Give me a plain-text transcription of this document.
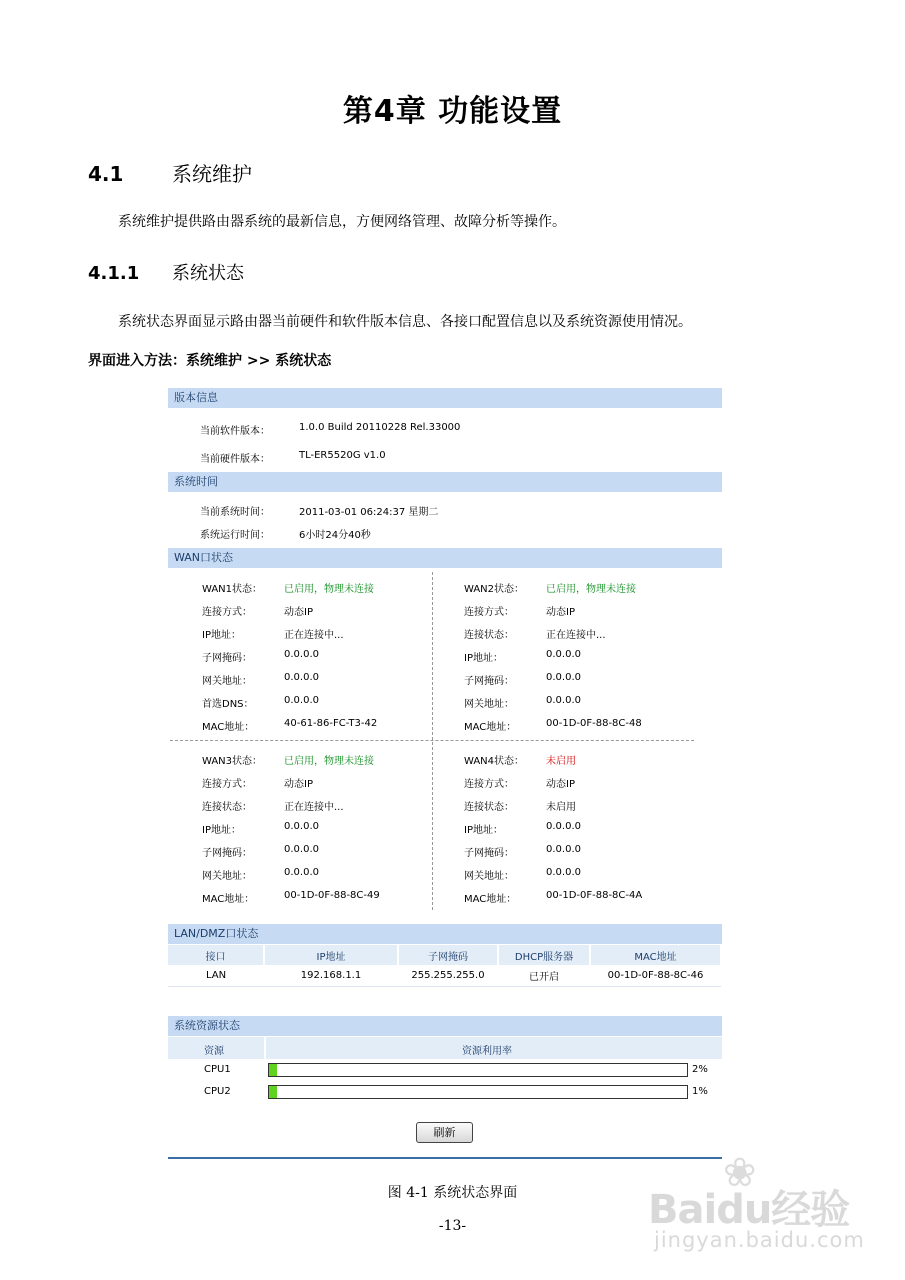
第4章 功能设置
4.1 系统维护
系统维护提供路由器系统的最新信息，方便网络管理、故障分析等操作。
4.1.1 系统状态
系统状态界面显示路由器当前硬件和软件版本信息、各接口配置信息以及系统资源使用情况。
界面进入方法：系统维护 >> 系统状态
版本信息
当前软件版本：	1.0.0 Build 20110228 Rel.33000
当前硬件版本：	TL-ER5520G v1.0
系统时间
当前系统时间：	2011-03-01 06:24:37 星期二
系统运行时间：	6小时24分40秒
WAN口状态
WAN1状态： 已启用，物理未连接
连接方式：	动态IP
IP地址：	正在连接中...
子网掩码：	0.0.0.0
网关地址：	0.0.0.0
首选DNS：	0.0.0.0
MAC地址：	40-61-86-FC-T3-42
WAN2状态： 已启用，物理未连接
连接方式：	动态IP
连接状态：	正在连接中...
IP地址：	0.0.0.0
子网掩码：	0.0.0.0
网关地址：	0.0.0.0
MAC地址：	00-1D-0F-88-8C-48
WAN3状态： 已启用，物理未连接
连接方式：	动态IP
连接状态：	正在连接中...
IP地址：	0.0.0.0
子网掩码：	0.0.0.0
网关地址：	0.0.0.0
MAC地址：	00-1D-0F-88-8C-49
WAN4状态： 未启用
连接方式：	动态IP
连接状态：	未启用
IP地址：	0.0.0.0
子网掩码：	0.0.0.0
网关地址：	0.0.0.0
MAC地址：	00-1D-0F-88-8C-4A
LAN/DMZ口状态
接口	IP地址	子网掩码	DHCP服务器	MAC地址
LAN	192.168.1.1	255.255.255.0	已开启	00-1D-0F-88-8C-46
系统资源状态
资源	资源利用率
CPU1	2%
CPU2	1%
刷新
图 4-1 系统状态界面
-13-
❀
Baidu经验
jingyan.baidu.com
